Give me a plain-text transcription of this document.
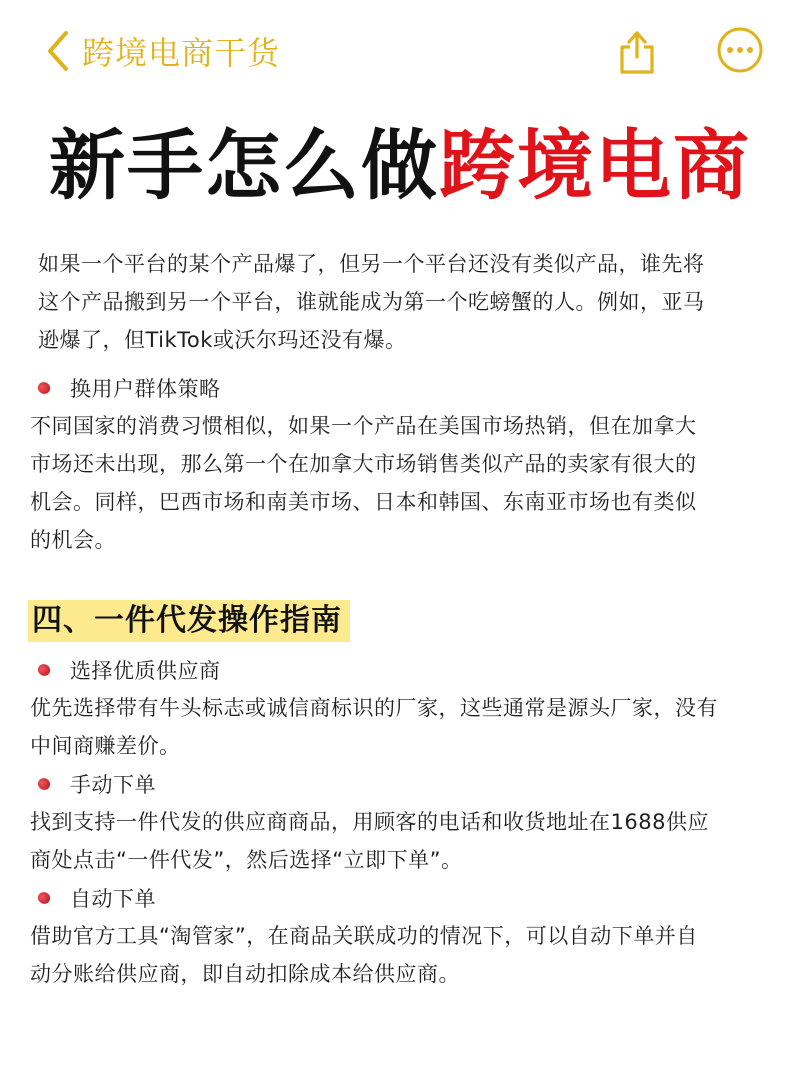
跨境电商干货
新手怎么做跨境电商
如果一个平台的某个产品爆了，但另一个平台还没有类似产品，谁先将
这个产品搬到另一个平台，谁就能成为第一个吃螃蟹的人。例如，亚马
逊爆了，但TikTok或沃尔玛还没有爆。
换用户群体策略
不同国家的消费习惯相似，如果一个产品在美国市场热销，但在加拿大
市场还未出现，那么第一个在加拿大市场销售类似产品的卖家有很大的
机会。同样，巴西市场和南美市场、日本和韩国、东南亚市场也有类似
的机会。
四、一件代发操作指南
选择优质供应商
优先选择带有牛头标志或诚信商标识的厂家，这些通常是源头厂家，没有
中间商赚差价。
手动下单
找到支持一件代发的供应商商品，用顾客的电话和收货地址在1688供应
商处点击“一件代发”，然后选择“立即下单”。
自动下单
借助官方工具“淘管家”，在商品关联成功的情况下，可以自动下单并自
动分账给供应商，即自动扣除成本给供应商。
